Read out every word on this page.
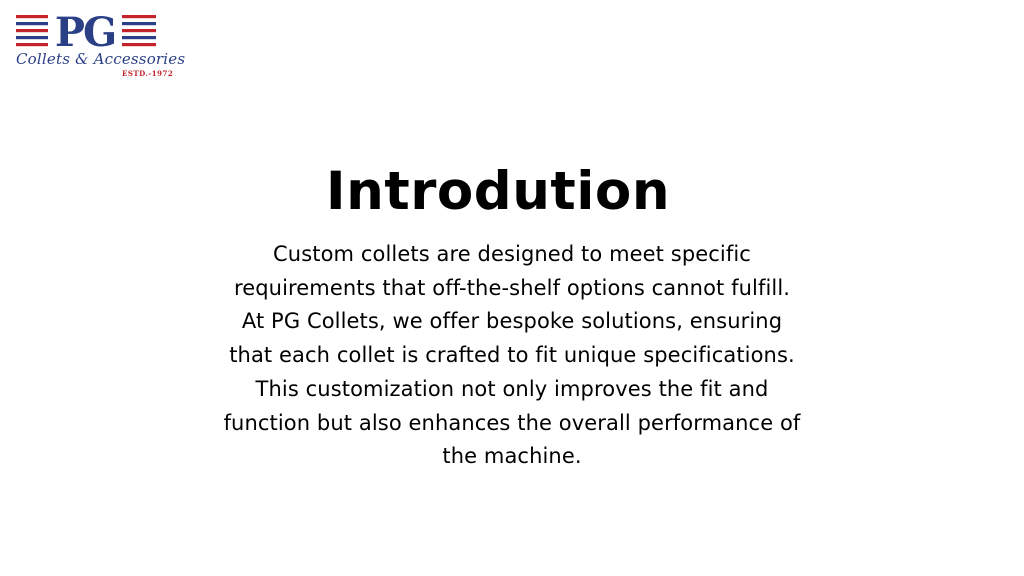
PG
Collets & Accessories
ESTD.-1972
Introdution

Custom collets are designed to meet specific requirements that off-the-shelf options cannot fulfill. At PG Collets, we offer bespoke solutions, ensuring that each collet is crafted to fit unique specifications. This customization not only improves the fit and function but also enhances the overall performance of the machine.
